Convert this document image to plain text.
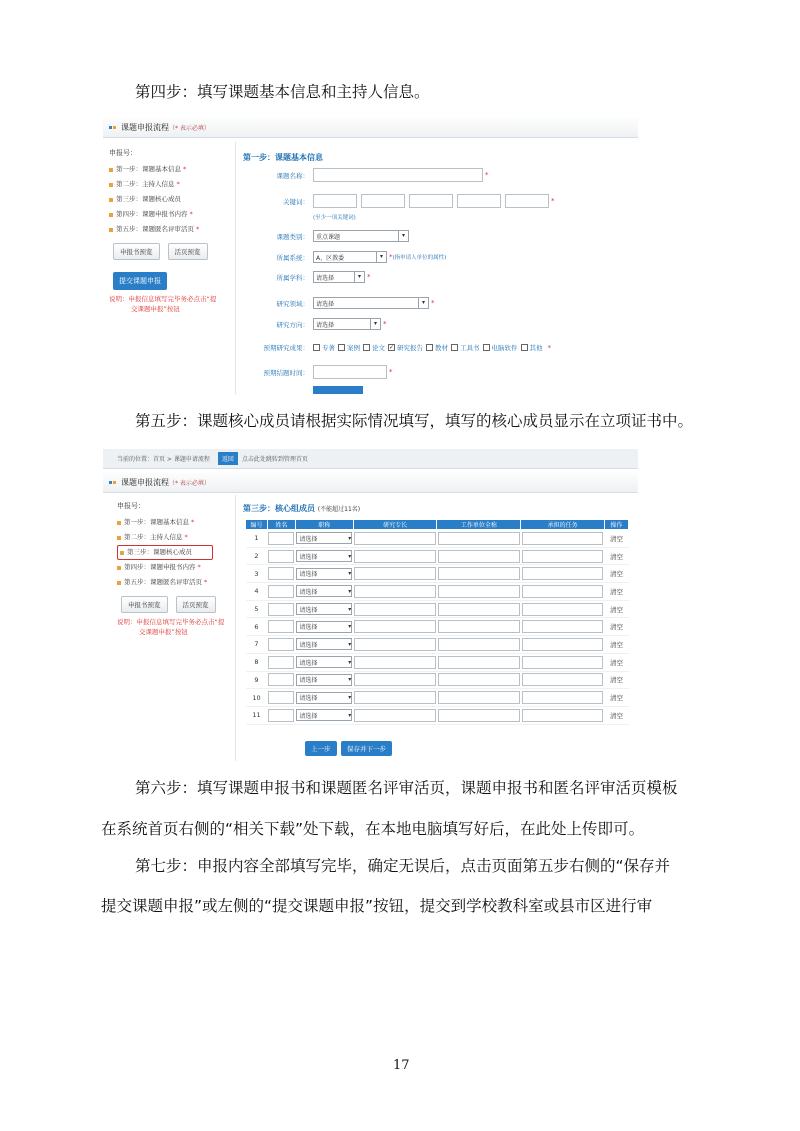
第四步：填写课题基本信息和主持人信息。
课题申报流程（* 表示必填）
申报号：
第一步：课题基本信息 *
第二步：主持人信息 *
第三步：课题核心成员
第四步：课题申报书内容 *
第五步：课题匿名评审活页 *
申报书预览	活页预览
提交课题申报
说明：申报信息填写完毕务必点击“提
交课题申报”按钮
第一步：课题基本信息
课题名称：	*
关键词：	*
(至少一项关键词)
课题类别： 重点课题	▾
所属系统： A、区教委	▾ * (指申请人单位的属性)
所属学科： 请选择	▾ *
研究领域： 请选择	▾ *
研究方向： 请选择	▾ *
预期研究成果： 专著 案例 论文 ✓ 研究报告 教材 工具书 电脑软件 其他 *
预期结题时间：	*
第五步：课题核心成员请根据实际情况填写，填写的核心成员显示在立项证书中。
当前的位置：首页 > 课题申请流程	返回	点击此处跳转到管理首页
课题申报流程（* 表示必填）
申报号：
第一步：课题基本信息 *
第二步：主持人信息 *
第三步：课题核心成员
第四步：课题申报书内容 *
第五步：课题匿名评审活页 *
申报书预览	活页预览
说明：申报信息填写完毕务必点击“提
交课题申报”按钮
第三步：核心组成员 (不能超过11名)
编号	姓名	职称	研究专长	工作单位全称	承担的任务	操作
1		请选择 ▾				清空
2		请选择 ▾				清空
3		请选择 ▾				清空
4		请选择 ▾				清空
5		请选择 ▾				清空
6		请选择 ▾				清空
7		请选择 ▾				清空
8		请选择 ▾				清空
9		请选择 ▾				清空
10		请选择 ▾				清空
11		请选择 ▾				清空
上一步	保存并下一步
第六步：填写课题申报书和课题匿名评审活页，课题申报书和匿名评审活页模板
在系统首页右侧的“相关下载”处下载，在本地电脑填写好后，在此处上传即可。
第七步：申报内容全部填写完毕，确定无误后，点击页面第五步右侧的“保存并
提交课题申报”或左侧的“提交课题申报”按钮，提交到学校教科室或县市区进行审
17
